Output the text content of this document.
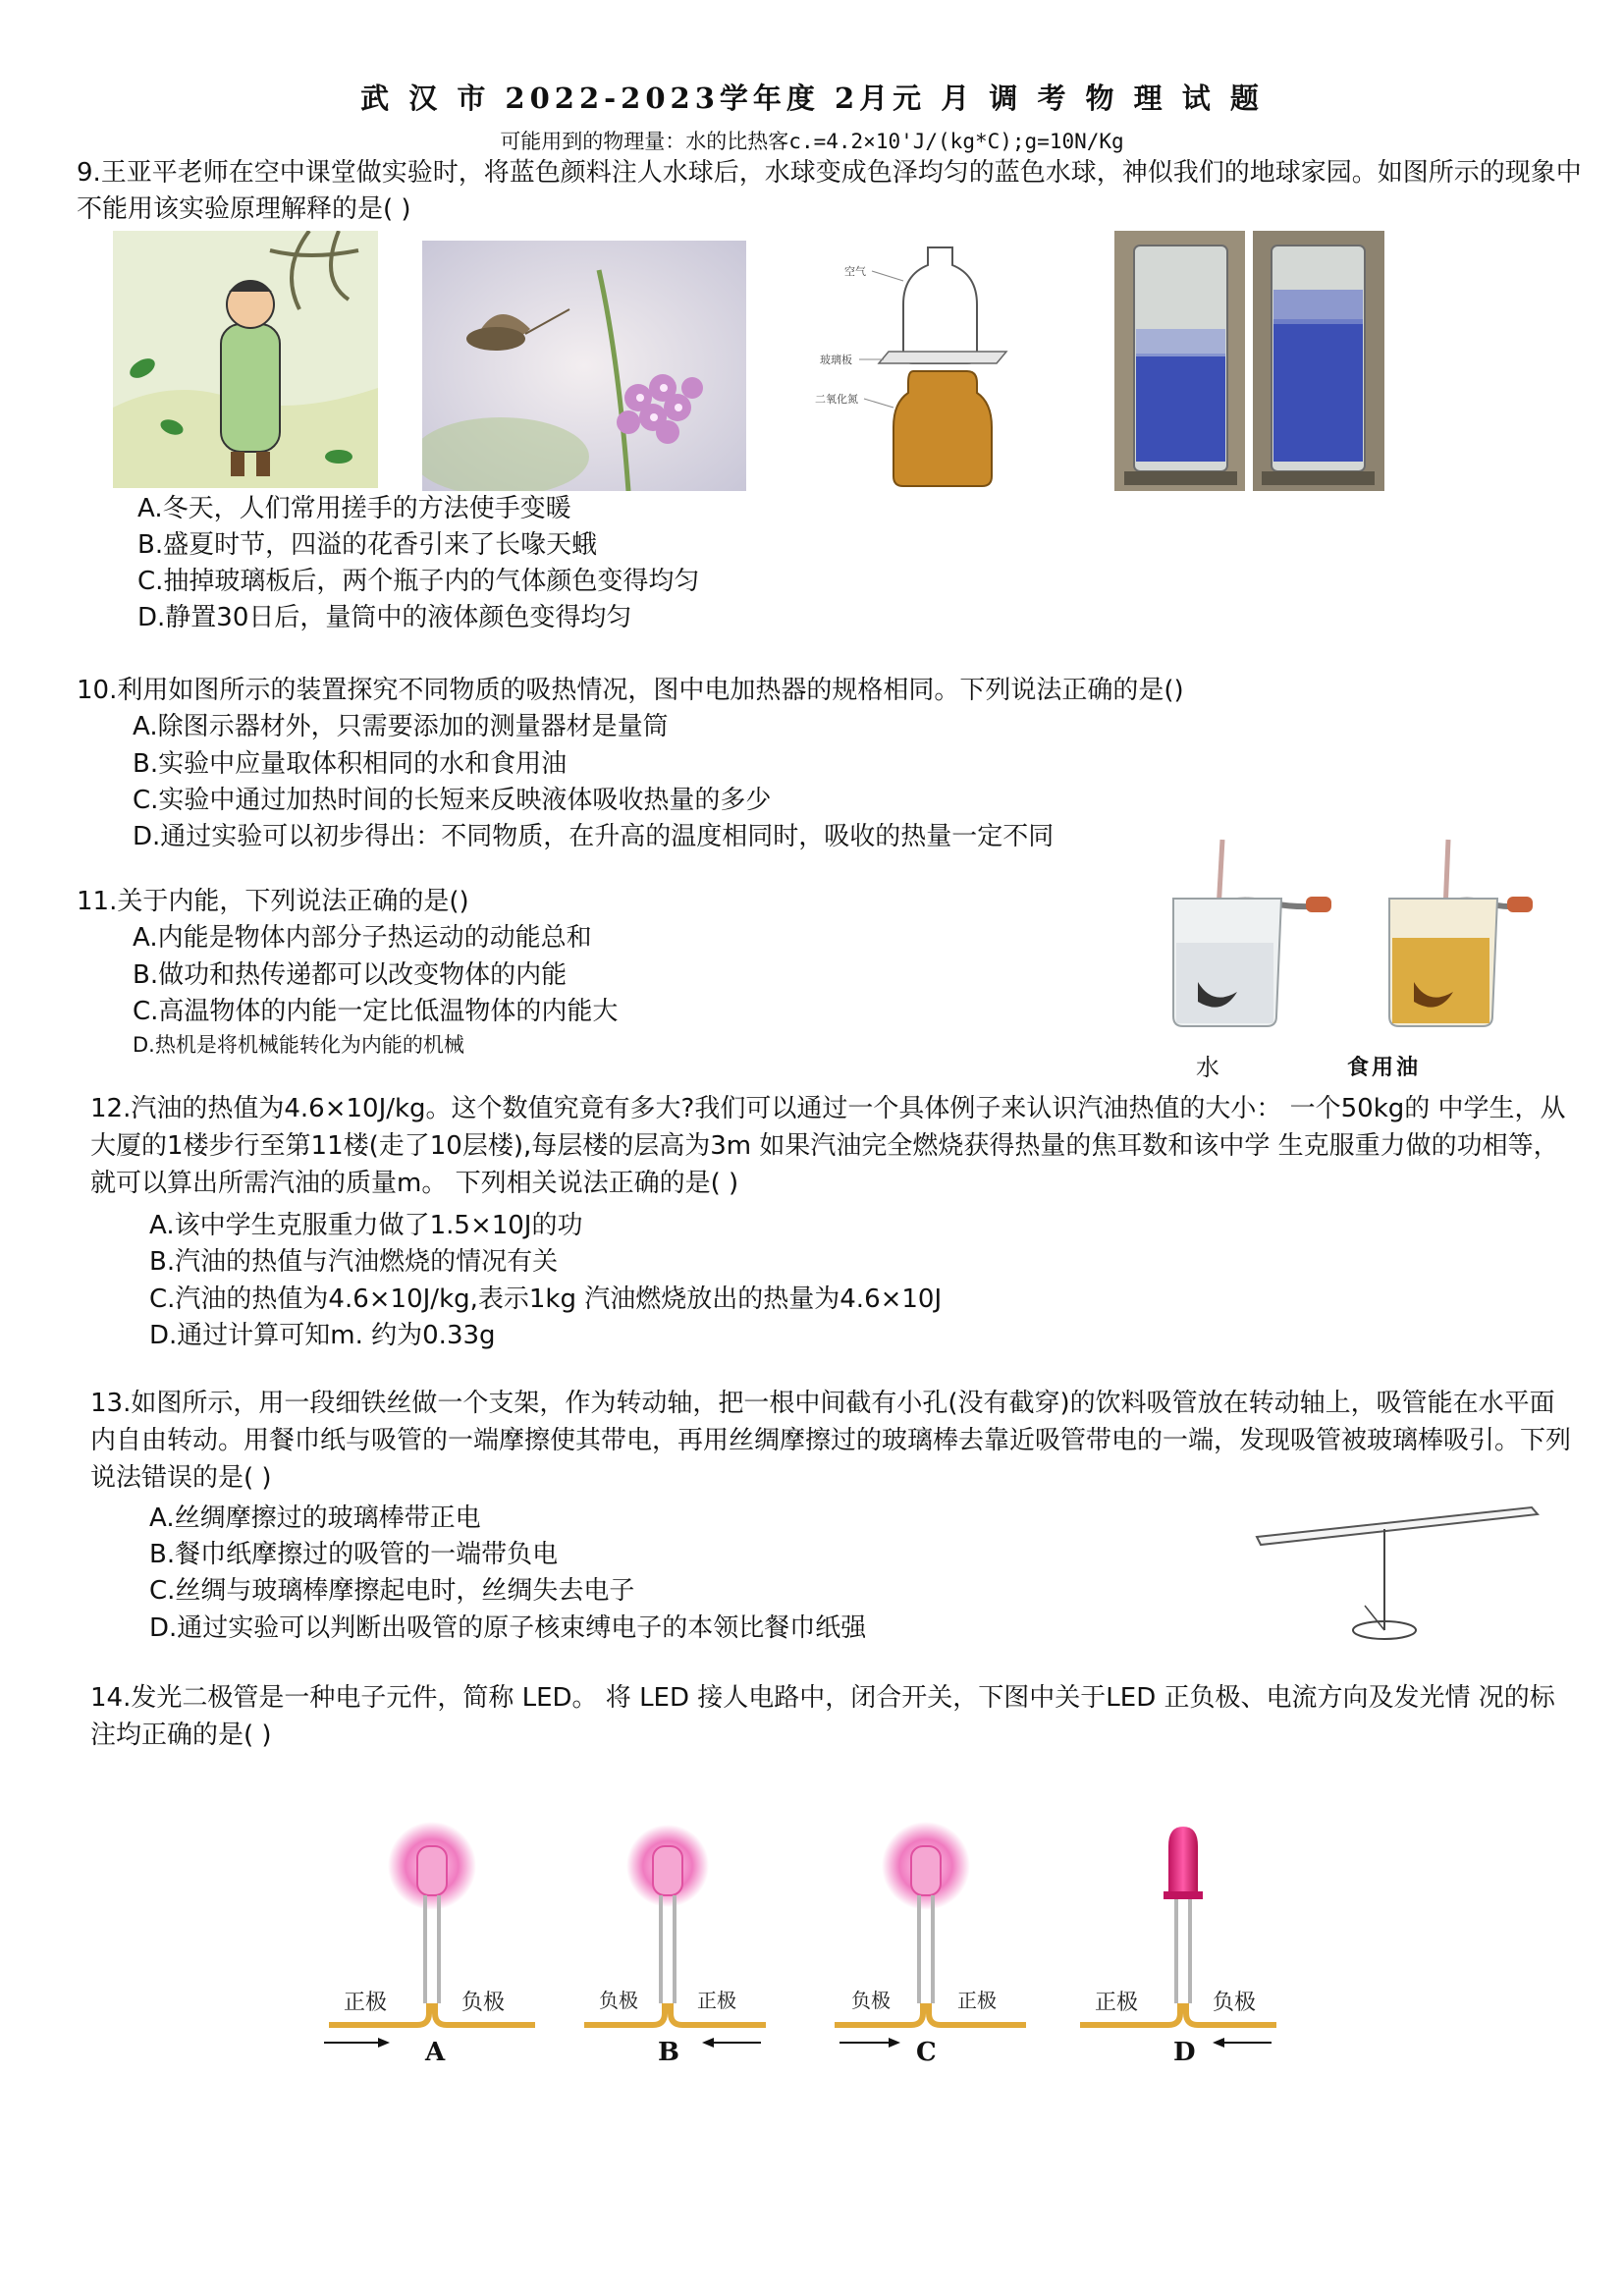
武 汉 市 2022-2023学年度 2月元 月 调 考 物 理 试 题
可能用到的物理量：水的比热客c.=4.2×10'J/(kg*C);g=10N/Kg
9.王亚平老师在空中课堂做实验时，将蓝色颜料注人水球后，水球变成色泽均匀的蓝色水球，神似我们的地球家园。如图所示的现象中不能用该实验原理解释的是( )
空气
玻璃板
二氧化氮
A.冬天，人们常用搓手的方法使手变暖
B.盛夏时节，四溢的花香引来了长喙天蛾
C.抽掉玻璃板后，两个瓶子内的气体颜色变得均匀
D.静置30日后，量筒中的液体颜色变得均匀
10.利用如图所示的装置探究不同物质的吸热情况，图中电加热器的规格相同。下列说法正确的是()
A.除图示器材外，只需要添加的测量器材是量筒
B.实验中应量取体积相同的水和食用油
C.实验中通过加热时间的长短来反映液体吸收热量的多少
D.通过实验可以初步得出：不同物质，在升高的温度相同时，吸收的热量一定不同
11.关于内能，下列说法正确的是()
A.内能是物体内部分子热运动的动能总和
B.做功和热传递都可以改变物体的内能
C.高温物体的内能一定比低温物体的内能大
D.热机是将机械能转化为内能的机械
水	食用油
12.汽油的热值为4.6×10J/kg。这个数值究竟有多大?我们可以通过一个具体例子来认识汽油热值的大小： 一个50kg的 中学生，从大厦的1楼步行至第11楼(走了10层楼),每层楼的层高为3m 如果汽油完全燃烧获得热量的焦耳数和该中学 生克服重力做的功相等，就可以算出所需汽油的质量m。 下列相关说法正确的是( )
A.该中学生克服重力做了1.5×10J的功
B.汽油的热值与汽油燃烧的情况有关
C.汽油的热值为4.6×10J/kg,表示1kg 汽油燃烧放出的热量为4.6×10J
D.通过计算可知m. 约为0.33g
13.如图所示，用一段细铁丝做一个支架，作为转动轴，把一根中间截有小孔(没有截穿)的饮料吸管放在转动轴上，吸管能在水平面内自由转动。用餐巾纸与吸管的一端摩擦使其带电，再用丝绸摩擦过的玻璃棒去靠近吸管带电的一端，发现吸管被玻璃棒吸引。下列说法错误的是( )
A.丝绸摩擦过的玻璃棒带正电
B.餐巾纸摩擦过的吸管的一端带负电
C.丝绸与玻璃棒摩擦起电时，丝绸失去电子
D.通过实验可以判断出吸管的原子核束缚电子的本领比餐巾纸强
14.发光二极管是一种电子元件，简称 LED。 将 LED 接人电路中，闭合开关，下图中关于LED 正负极、电流方向及发光情 况的标注均正确的是( )
正极	负极
A
负极	正极
B
负极	正极
C
正极	负极
D
